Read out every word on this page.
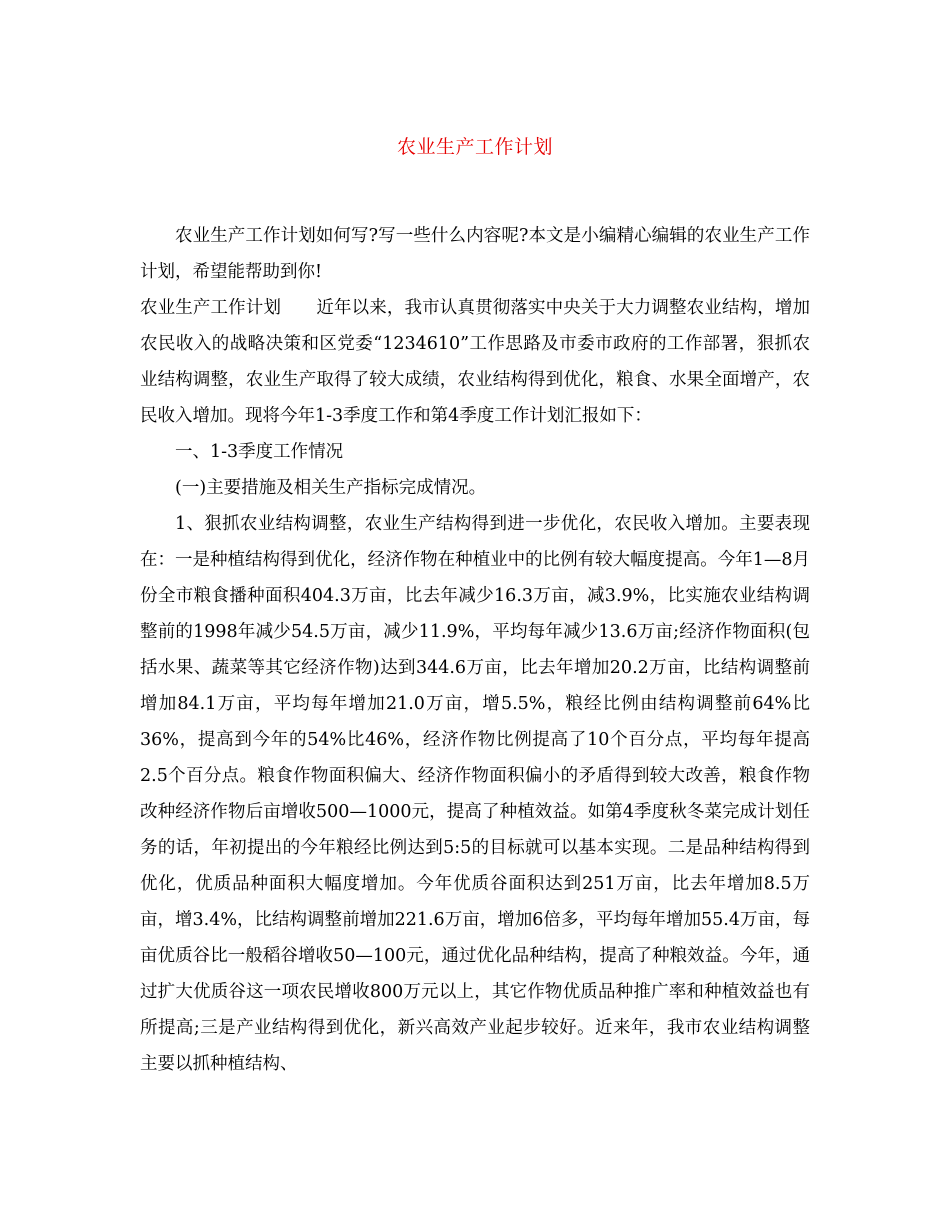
农业生产工作计划

农业生产工作计划如何写?写一些什么内容呢?本文是小编精心编辑的农业生产工作计划，希望能帮助到你!

农业生产工作计划　　近年以来，我市认真贯彻落实中央关于大力调整农业结构，增加农民收入的战略决策和区党委“1234610”工作思路及市委市政府的工作部署，狠抓农业结构调整，农业生产取得了较大成绩，农业结构得到优化，粮食、水果全面增产，农民收入增加。现将今年1-3季度工作和第4季度工作计划汇报如下：

一、1-3季度工作情况

(一)主要措施及相关生产指标完成情况。

1、狠抓农业结构调整，农业生产结构得到进一步优化，农民收入增加。主要表现在：一是种植结构得到优化，经济作物在种植业中的比例有较大幅度提高。今年1—8月份全市粮食播种面积404.3万亩，比去年减少16.3万亩，减3.9%，比实施农业结构调整前的1998年减少54.5万亩，减少11.9%，平均每年减少13.6万亩;经济作物面积(包括水果、蔬菜等其它经济作物)达到344.6万亩，比去年增加20.2万亩，比结构调整前增加84.1万亩，平均每年增加21.0万亩，增5.5%，粮经比例由结构调整前64%比36%，提高到今年的54%比46%，经济作物比例提高了10个百分点，平均每年提高2.5个百分点。粮食作物面积偏大、经济作物面积偏小的矛盾得到较大改善，粮食作物改种经济作物后亩增收500—1000元，提高了种植效益。如第4季度秋冬菜完成计划任务的话，年初提出的今年粮经比例达到5:5的目标就可以基本实现。二是品种结构得到优化，优质品种面积大幅度增加。今年优质谷面积达到251万亩，比去年增加8.5万亩，增3.4%，比结构调整前增加221.6万亩，增加6倍多，平均每年增加55.4万亩，每亩优质谷比一般稻谷增收50—100元，通过优化品种结构，提高了种粮效益。今年，通过扩大优质谷这一项农民增收800万元以上，其它作物优质品种推广率和种植效益也有所提高;三是产业结构得到优化，新兴高效产业起步较好。近来年，我市农业结构调整主要以抓种植结构、
